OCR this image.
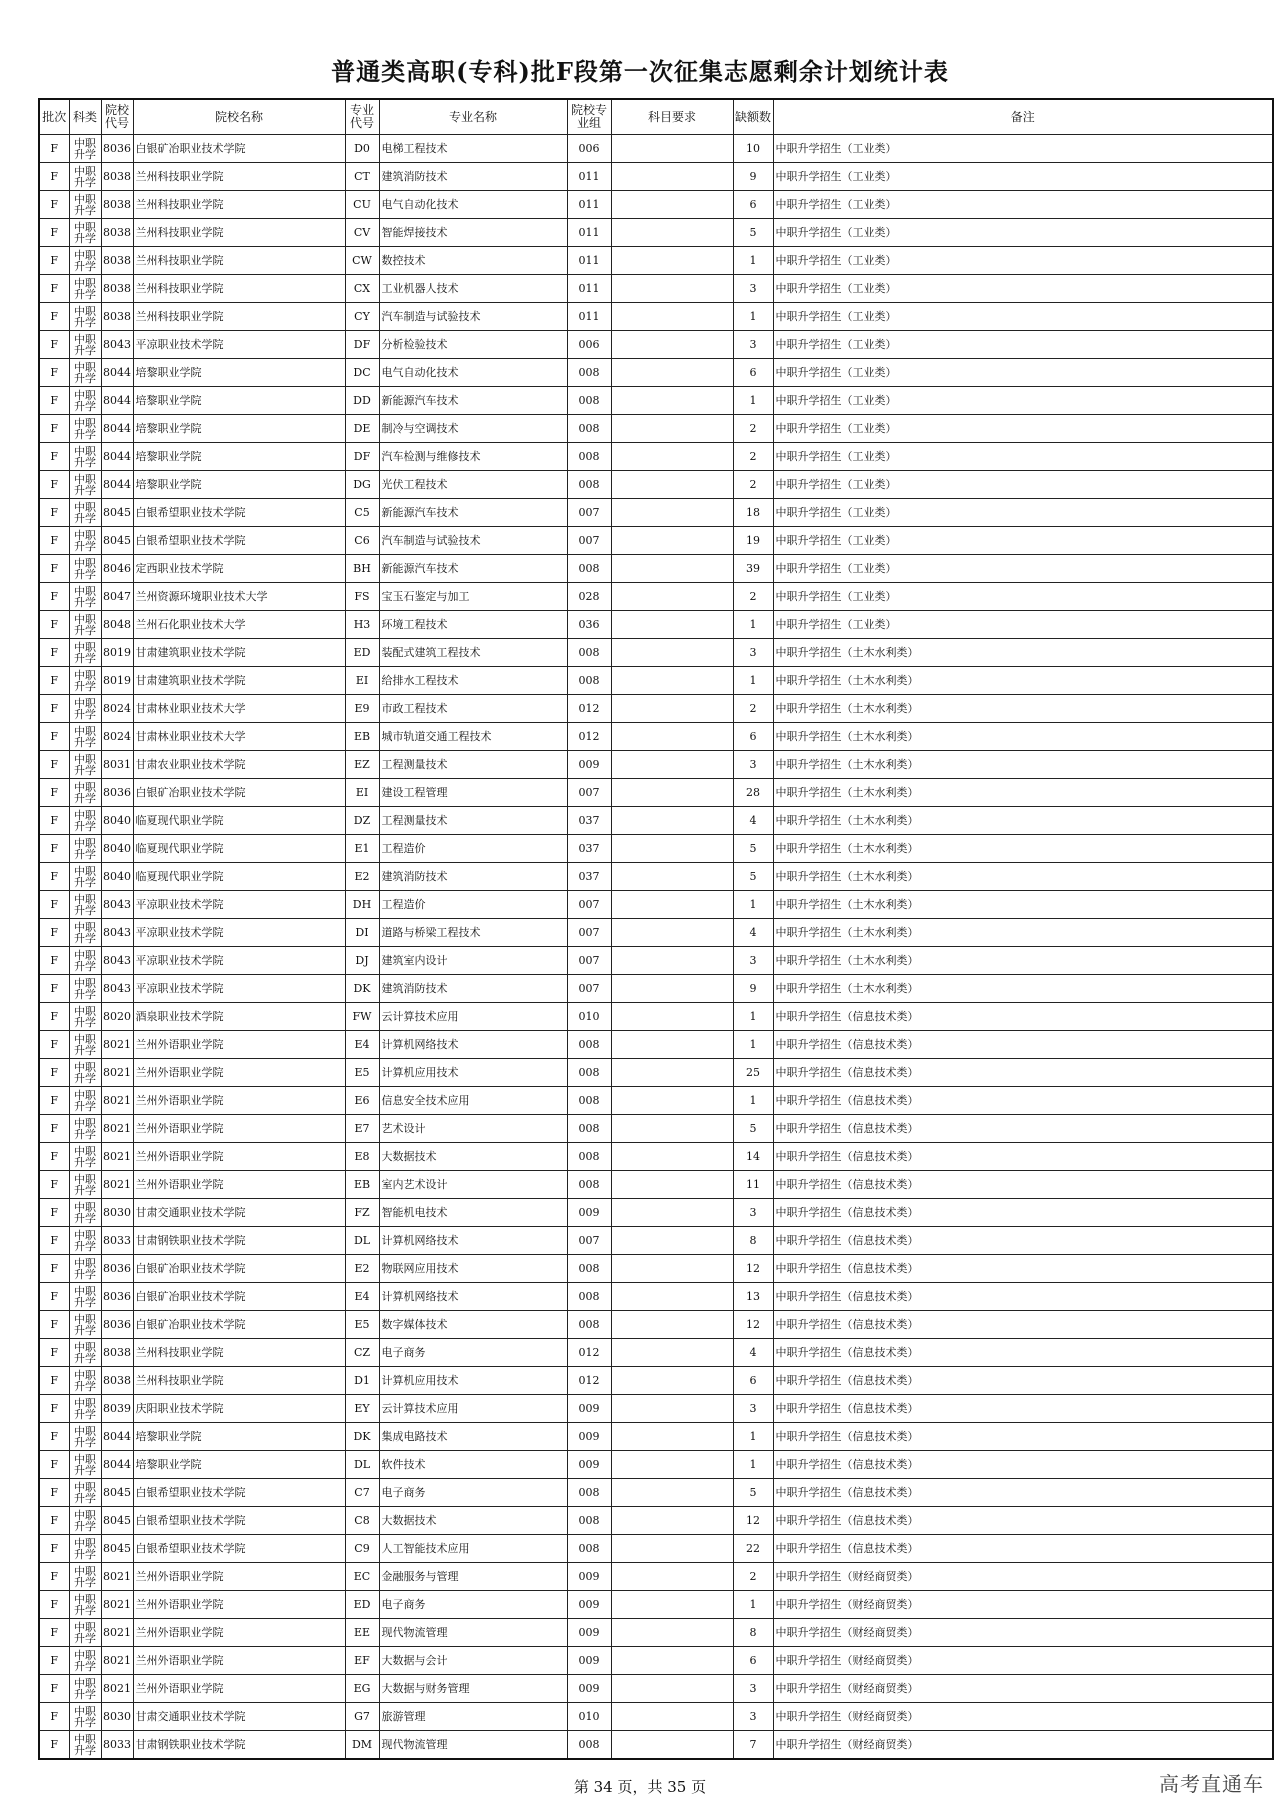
普通类高职(专科)批F段第一次征集志愿剩余计划统计表
批次	科类	院校代号	院校名称	专业代号	专业名称	院校专业组	科目要求	缺额数	备注
F	中职升学	8036	白银矿冶职业技术学院	D0	电梯工程技术	006		10	中职升学招生（工业类）
F	中职升学	8038	兰州科技职业学院	CT	建筑消防技术	011		9	中职升学招生（工业类）
F	中职升学	8038	兰州科技职业学院	CU	电气自动化技术	011		6	中职升学招生（工业类）
F	中职升学	8038	兰州科技职业学院	CV	智能焊接技术	011		5	中职升学招生（工业类）
F	中职升学	8038	兰州科技职业学院	CW	数控技术	011		1	中职升学招生（工业类）
F	中职升学	8038	兰州科技职业学院	CX	工业机器人技术	011		3	中职升学招生（工业类）
F	中职升学	8038	兰州科技职业学院	CY	汽车制造与试验技术	011		1	中职升学招生（工业类）
F	中职升学	8043	平凉职业技术学院	DF	分析检验技术	006		3	中职升学招生（工业类）
F	中职升学	8044	培黎职业学院	DC	电气自动化技术	008		6	中职升学招生（工业类）
F	中职升学	8044	培黎职业学院	DD	新能源汽车技术	008		1	中职升学招生（工业类）
F	中职升学	8044	培黎职业学院	DE	制冷与空调技术	008		2	中职升学招生（工业类）
F	中职升学	8044	培黎职业学院	DF	汽车检测与维修技术	008		2	中职升学招生（工业类）
F	中职升学	8044	培黎职业学院	DG	光伏工程技术	008		2	中职升学招生（工业类）
F	中职升学	8045	白银希望职业技术学院	C5	新能源汽车技术	007		18	中职升学招生（工业类）
F	中职升学	8045	白银希望职业技术学院	C6	汽车制造与试验技术	007		19	中职升学招生（工业类）
F	中职升学	8046	定西职业技术学院	BH	新能源汽车技术	008		39	中职升学招生（工业类）
F	中职升学	8047	兰州资源环境职业技术大学	FS	宝玉石鉴定与加工	028		2	中职升学招生（工业类）
F	中职升学	8048	兰州石化职业技术大学	H3	环境工程技术	036		1	中职升学招生（工业类）
F	中职升学	8019	甘肃建筑职业技术学院	ED	装配式建筑工程技术	008		3	中职升学招生（土木水利类）
F	中职升学	8019	甘肃建筑职业技术学院	EI	给排水工程技术	008		1	中职升学招生（土木水利类）
F	中职升学	8024	甘肃林业职业技术大学	E9	市政工程技术	012		2	中职升学招生（土木水利类）
F	中职升学	8024	甘肃林业职业技术大学	EB	城市轨道交通工程技术	012		6	中职升学招生（土木水利类）
F	中职升学	8031	甘肃农业职业技术学院	EZ	工程测量技术	009		3	中职升学招生（土木水利类）
F	中职升学	8036	白银矿冶职业技术学院	EI	建设工程管理	007		28	中职升学招生（土木水利类）
F	中职升学	8040	临夏现代职业学院	DZ	工程测量技术	037		4	中职升学招生（土木水利类）
F	中职升学	8040	临夏现代职业学院	E1	工程造价	037		5	中职升学招生（土木水利类）
F	中职升学	8040	临夏现代职业学院	E2	建筑消防技术	037		5	中职升学招生（土木水利类）
F	中职升学	8043	平凉职业技术学院	DH	工程造价	007		1	中职升学招生（土木水利类）
F	中职升学	8043	平凉职业技术学院	DI	道路与桥梁工程技术	007		4	中职升学招生（土木水利类）
F	中职升学	8043	平凉职业技术学院	DJ	建筑室内设计	007		3	中职升学招生（土木水利类）
F	中职升学	8043	平凉职业技术学院	DK	建筑消防技术	007		9	中职升学招生（土木水利类）
F	中职升学	8020	酒泉职业技术学院	FW	云计算技术应用	010		1	中职升学招生（信息技术类）
F	中职升学	8021	兰州外语职业学院	E4	计算机网络技术	008		1	中职升学招生（信息技术类）
F	中职升学	8021	兰州外语职业学院	E5	计算机应用技术	008		25	中职升学招生（信息技术类）
F	中职升学	8021	兰州外语职业学院	E6	信息安全技术应用	008		1	中职升学招生（信息技术类）
F	中职升学	8021	兰州外语职业学院	E7	艺术设计	008		5	中职升学招生（信息技术类）
F	中职升学	8021	兰州外语职业学院	E8	大数据技术	008		14	中职升学招生（信息技术类）
F	中职升学	8021	兰州外语职业学院	EB	室内艺术设计	008		11	中职升学招生（信息技术类）
F	中职升学	8030	甘肃交通职业技术学院	FZ	智能机电技术	009		3	中职升学招生（信息技术类）
F	中职升学	8033	甘肃钢铁职业技术学院	DL	计算机网络技术	007		8	中职升学招生（信息技术类）
F	中职升学	8036	白银矿冶职业技术学院	E2	物联网应用技术	008		12	中职升学招生（信息技术类）
F	中职升学	8036	白银矿冶职业技术学院	E4	计算机网络技术	008		13	中职升学招生（信息技术类）
F	中职升学	8036	白银矿冶职业技术学院	E5	数字媒体技术	008		12	中职升学招生（信息技术类）
F	中职升学	8038	兰州科技职业学院	CZ	电子商务	012		4	中职升学招生（信息技术类）
F	中职升学	8038	兰州科技职业学院	D1	计算机应用技术	012		6	中职升学招生（信息技术类）
F	中职升学	8039	庆阳职业技术学院	EY	云计算技术应用	009		3	中职升学招生（信息技术类）
F	中职升学	8044	培黎职业学院	DK	集成电路技术	009		1	中职升学招生（信息技术类）
F	中职升学	8044	培黎职业学院	DL	软件技术	009		1	中职升学招生（信息技术类）
F	中职升学	8045	白银希望职业技术学院	C7	电子商务	008		5	中职升学招生（信息技术类）
F	中职升学	8045	白银希望职业技术学院	C8	大数据技术	008		12	中职升学招生（信息技术类）
F	中职升学	8045	白银希望职业技术学院	C9	人工智能技术应用	008		22	中职升学招生（信息技术类）
F	中职升学	8021	兰州外语职业学院	EC	金融服务与管理	009		2	中职升学招生（财经商贸类）
F	中职升学	8021	兰州外语职业学院	ED	电子商务	009		1	中职升学招生（财经商贸类）
F	中职升学	8021	兰州外语职业学院	EE	现代物流管理	009		8	中职升学招生（财经商贸类）
F	中职升学	8021	兰州外语职业学院	EF	大数据与会计	009		6	中职升学招生（财经商贸类）
F	中职升学	8021	兰州外语职业学院	EG	大数据与财务管理	009		3	中职升学招生（财经商贸类）
F	中职升学	8030	甘肃交通职业技术学院	G7	旅游管理	010		3	中职升学招生（财经商贸类）
F	中职升学	8033	甘肃钢铁职业技术学院	DM	现代物流管理	008		7	中职升学招生（财经商贸类）
第 34 页，共 35 页	高考直通车
